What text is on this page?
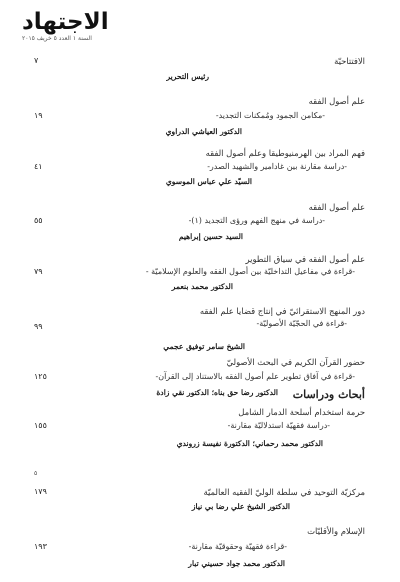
الاجتهاد
السنة ١ العدد ٥ خريف ٢٠١٥
الافتتاحيّة
٧
رئيس التحرير
علم أصول الفقه
-مكامن الجمود ومُمكنات التجديد-
١٩
الدكتور العياشي الدراوي
فهم المراد بين الهرمنيوطيقا وعلم أصول الفقه
-دراسة مقارنة بين غادامير والشهيد الصدر-
٤١
السيّد علي عباس الموسوي
علم أصول الفقه
-دراسة في منهج الفهم ورؤى التجديد (١)-
٥٥
السيد حسين إبراهيم
علم أصول الفقه في سياق التطوير
-قراءة في مفاعيل التداخليّة بين أصول الفقه والعلوم الإسلاميّة -
٧٩
الدكتور محمد بنعمر
دور المنهج الاستقرائيّ في إنتاج قضايا علم الفقه
-قراءة في الحجّيّة الأصوليّة-
٩٩
الشيخ سامر توفيق عجمي
حضور القرآن الكريم في البحث الأصوليّ
-قراءة في آفاق تطوير علم أصول الفقه بالاستناد إلى القرآن-
١٢٥
الدكتور رضا حق بناه؛ الدكتور نقي زادة أبحاث ودراسات
حرمة استخدام أسلحة الدمار الشامل
-دراسة فقهيّة استدلاليّة مقارنة-
١٥٥
الدكتور محمد رحماني؛ الدكتورة نفيسة زروندي
مركزيّة التوحيد في سلطة الوليّ الفقيه العالميّة
١٧٩
الدكتور الشيخ علي رضا بي نياز
الإسلام والأقليّات
-قراءة فقهيّة وحقوقيّة مقارنة-
١٩٣
الدكتور محمد جواد حسيني تبار
٥
